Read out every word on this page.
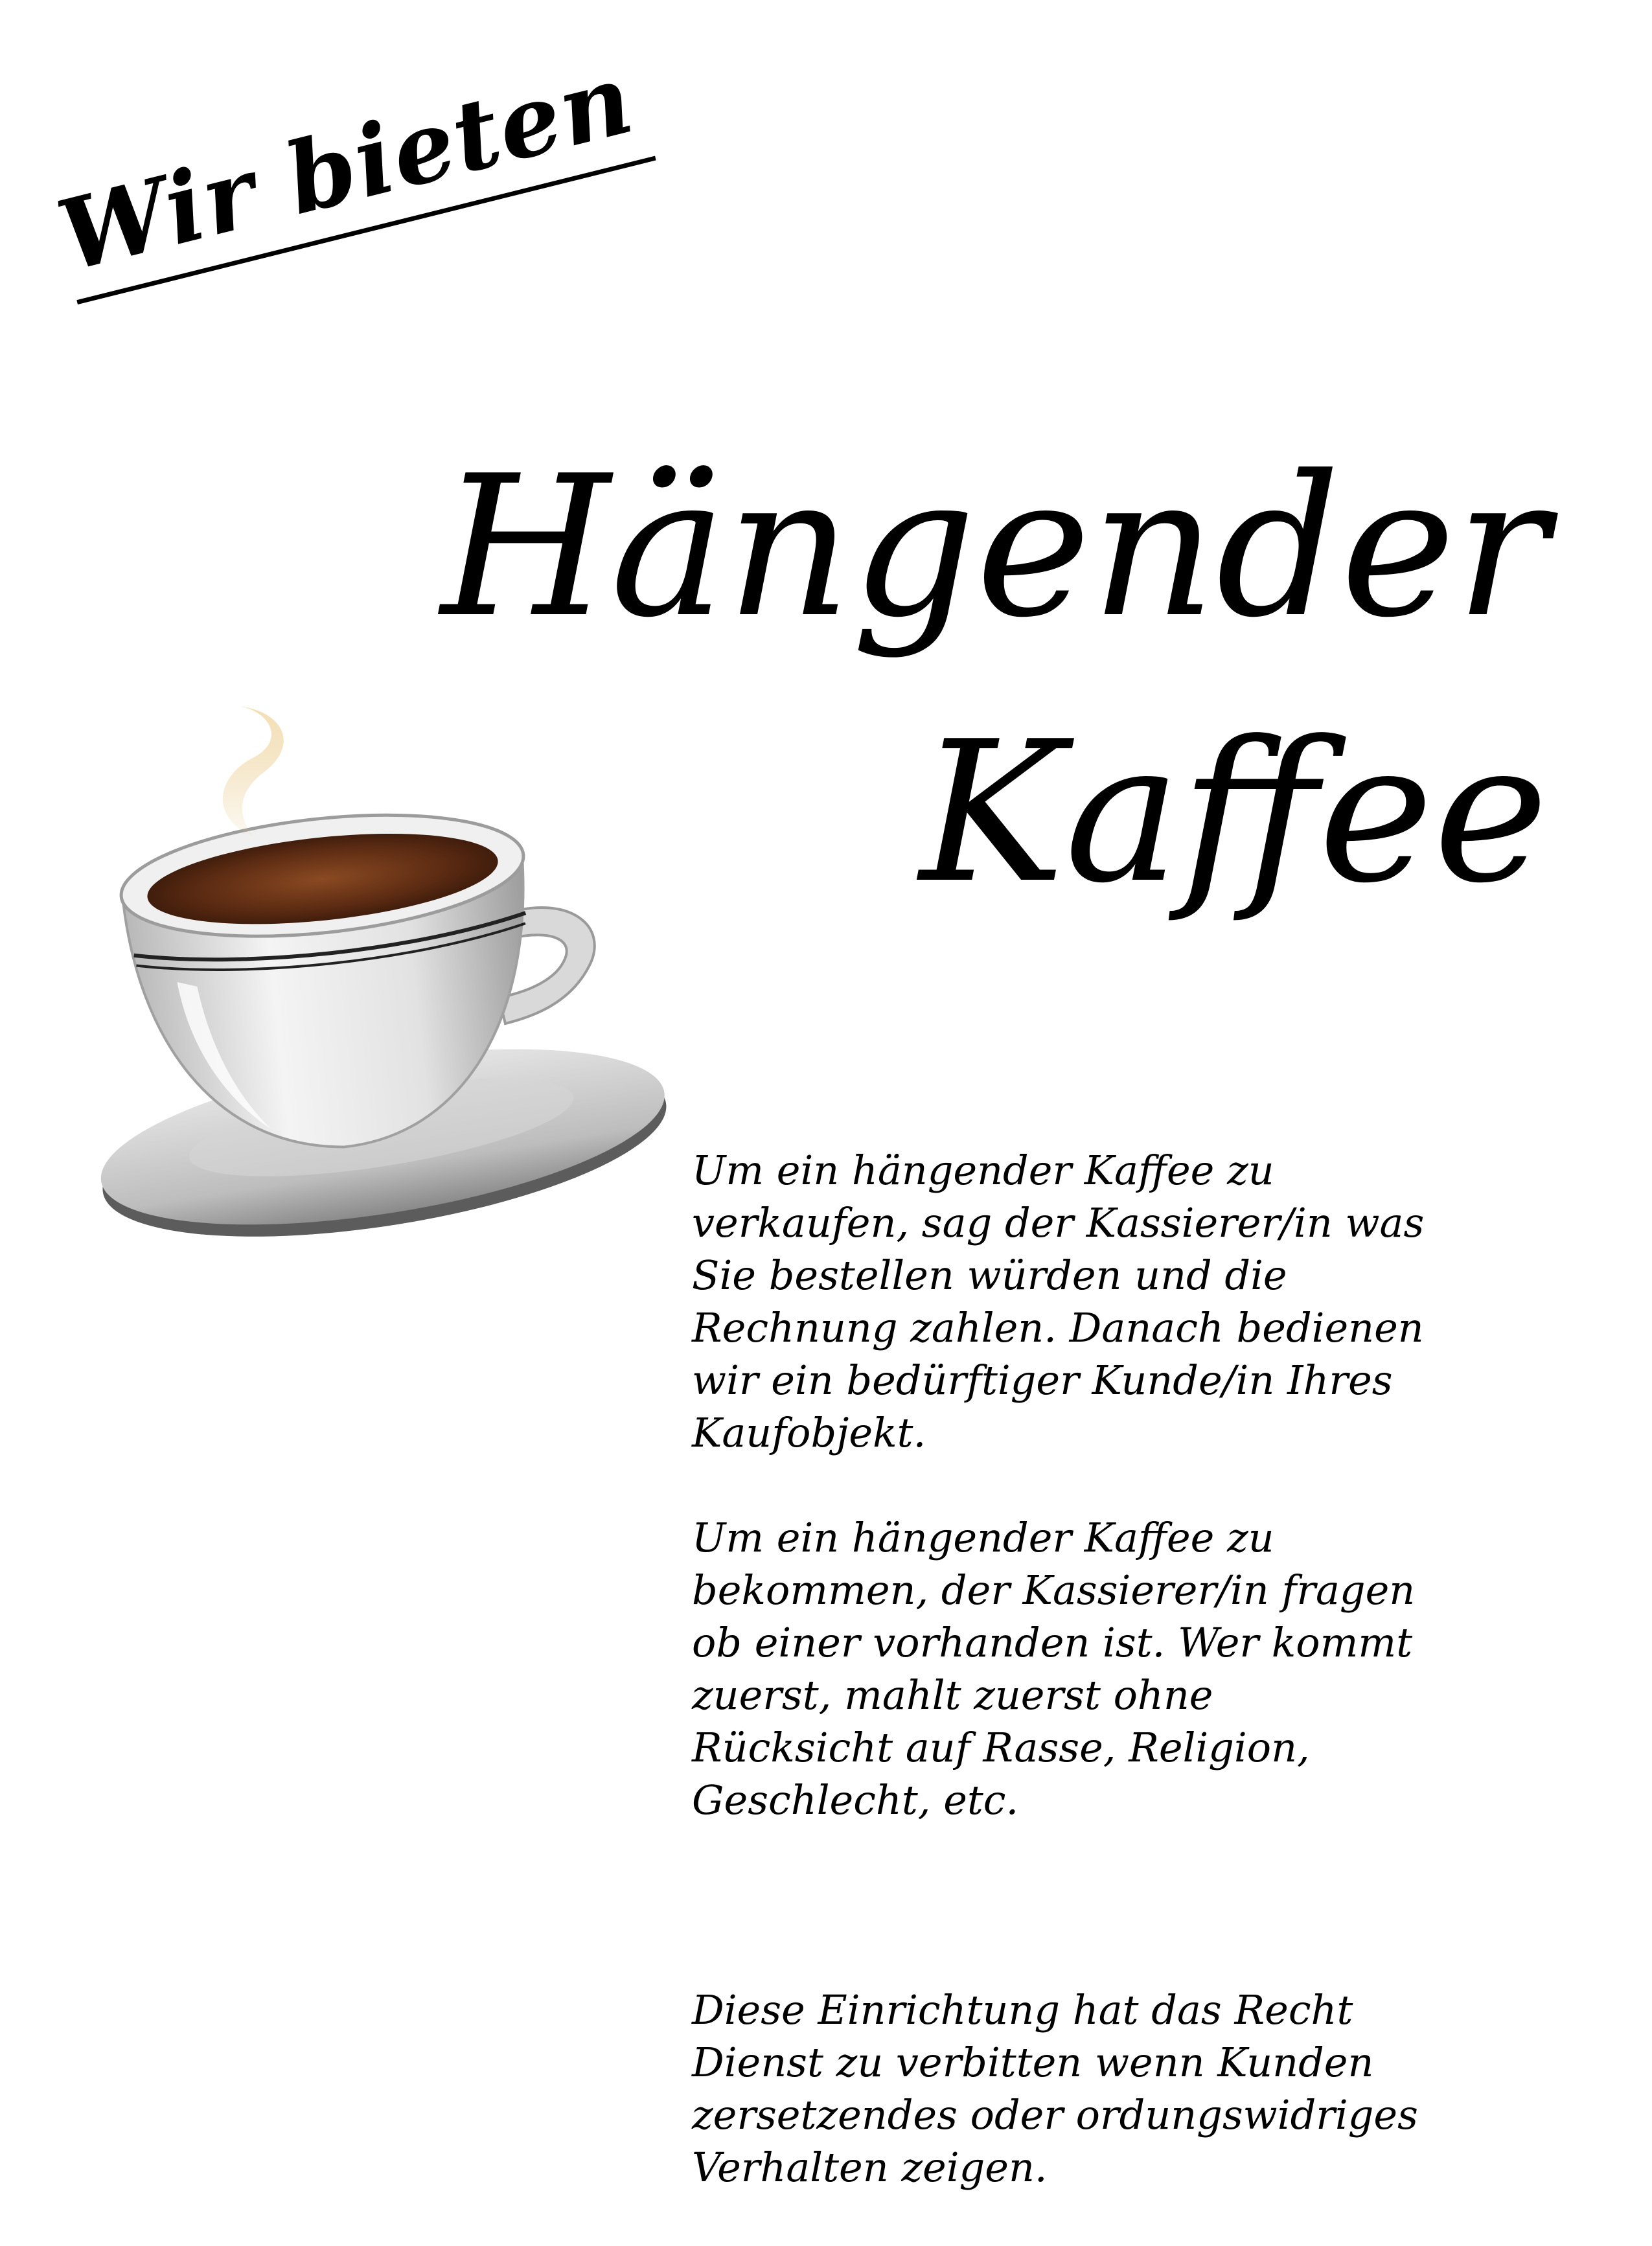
Wir bieten
Hängender
Kaffee

Um ein hängender Kaffee zu
verkaufen, sag der Kassierer/in was
Sie bestellen würden und die
Rechnung zahlen. Danach bedienen
wir ein bedürftiger Kunde/in Ihres
Kaufobjekt.

Um ein hängender Kaffee zu
bekommen, der Kassierer/in fragen
ob einer vorhanden ist. Wer kommt
zuerst, mahlt zuerst ohne
Rücksicht auf Rasse, Religion,
Geschlecht, etc.

Diese Einrichtung hat das Recht
Dienst zu verbitten wenn Kunden
zersetzendes oder ordungswidriges
Verhalten zeigen.
